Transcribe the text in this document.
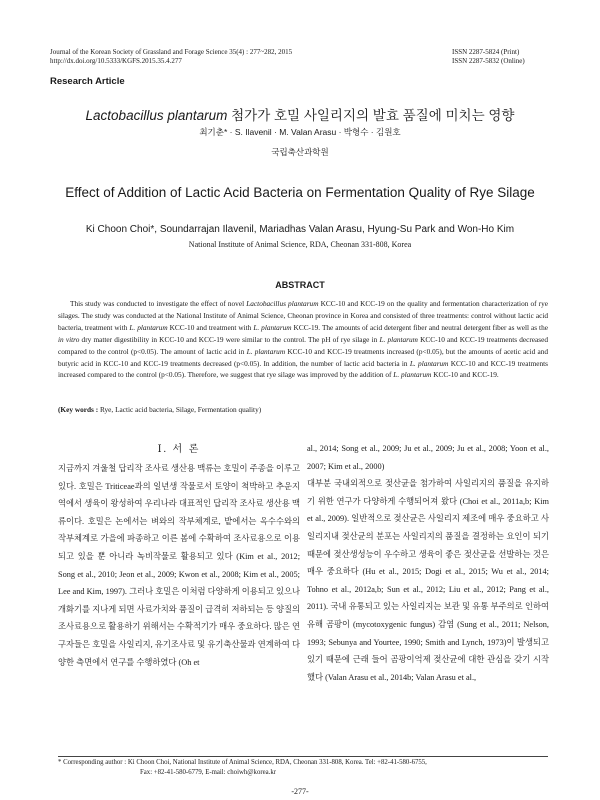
Journal of the Korean Society of Grassland and Forage Science 35(4) : 277~282, 2015
http://dx.doi.org/10.5333/KGFS.2015.35.4.277
ISSN 2287-5824 (Print)
ISSN 2287-5832 (Online)
Research Article
Lactobacillus plantarum 첨가가 호밀 사일리지의 발효 품질에 미치는 영향
최기춘* · S. Ilavenil · M. Valan Arasu · 박형수 · 김원호
국립축산과학원
Effect of Addition of Lactic Acid Bacteria on Fermentation Quality of Rye Silage
Ki Choon Choi*, Soundarrajan Ilavenil, Mariadhas Valan Arasu, Hyung-Su Park and Won-Ho Kim
National Institute of Animal Science, RDA, Cheonan 331-808, Korea
ABSTRACT

This study was conducted to investigate the effect of novel Lactobacillus plantarum KCC-10 and KCC-19 on the quality and fermentation characterization of rye silages. The study was conducted at the National Institute of Animal Science, Cheonan province in Korea and consisted of three treatments: control without lactic acid bacteria, treatment with L. plantarum KCC-10 and treatment with L. plantarum KCC-19. The amounts of acid detergent fiber and neutral detergent fiber as well as the in vitro dry matter digestibility in KCC-10 and KCC-19 were similar to the control. The pH of rye silage in L. plantarum KCC-10 and KCC-19 treatments decreased compared to the control (p<0.05). The amount of lactic acid in L. plantarum KCC-10 and KCC-19 treatments increased (p<0.05), but the amounts of acetic acid and butyric acid in KCC-10 and KCC-19 treatments decreased (p<0.05). In addition, the number of lactic acid bacteria in L. plantarum KCC-10 and KCC-19 treatments increased compared to the control (p<0.05). Therefore, we suggest that rye silage was improved by the addition of L. plantarum KCC-10 and KCC-19.

(Key words : Rye, Lactic acid bacteria, Silage, Fermentation quality)
Ⅰ. 서 론

지금까지 겨울철 답리작 조사료 생산용 맥류는 호밀이 주종을 이루고 있다. 호밀은 Triticeae과의 일년생 작물로서 토양이 척박하고 추운지역에서 생육이 왕성하여 우리나라 대표적인 답리작 조사료 생산용 맥류이다. 호밀은 논에서는 벼와의 작부체계로, 밭에서는 옥수수와의 작부체계로 가을에 파종하고 이른 봄에 수확하여 조사료용으로 이용되고 있을 뿐 아니라 녹비작물로 활용되고 있다 (Kim et al., 2012; Song et al., 2010; Jeon et al., 2009; Kwon et al., 2008; Kim et al., 2005; Lee and Kim, 1997). 그러나 호밀은 이처럼 다양하게 이용되고 있으나 개화기를 지나게 되면 사료가치와 품질이 급격히 저하되는 등 양질의 조사료용으로 활용하기 위해서는 수확적기가 매우 중요하다. 많은 연구자들은 호밀을 사일리지, 유기조사료 및 유기축산물과 연계하여 다양한 측면에서 연구를 수행하였다 (Oh et

al., 2014; Song et al., 2009; Ju et al., 2009; Ju et al., 2008; Yoon et al., 2007; Kim et al., 2000)
대부분 국내외적으로 젖산균을 첨가하여 사일리지의 품질을 유지하기 위한 연구가 다양하게 수행되어져 왔다 (Choi et al., 2011a,b; Kim et al., 2009). 일반적으로 젖산균은 사일리지 제조에 매우 중요하고 사일리지내 젖산균의 분포는 사일리지의 품질을 결정하는 요인이 되기 때문에 젖산생성능이 우수하고 생육이 좋은 젖산균을 선발하는 것은 매우 중요하다 (Hu et al., 2015; Dogi et al., 2015; Wu et al., 2014; Tohno et al., 2012a,b; Sun et al., 2012; Liu et al., 2012; Pang et al., 2011). 국내 유통되고 있는 사일리지는 보관 및 유통 부주의로 인하여 유해 곰팡이 (mycotoxygenic fungus) 감염 (Sung et al., 2011; Nelson, 1993; Sebunya and Yourtee, 1990; Smith and Lynch, 1973)이 발생되고 있기 때문에 근래 들어 곰팡이억제 젖산균에 대한 관심을 갖기 시작했다 (Valan Arasu et al., 2014b; Valan Arasu et al.,

* Corresponding author : Ki Choon Choi, National Institute of Animal Science, RDA, Cheonan 331-808, Korea. Tel: +82-41-580-6755,
Fax: +82-41-580-6779, E-mail: choiwh@korea.kr
-277-
